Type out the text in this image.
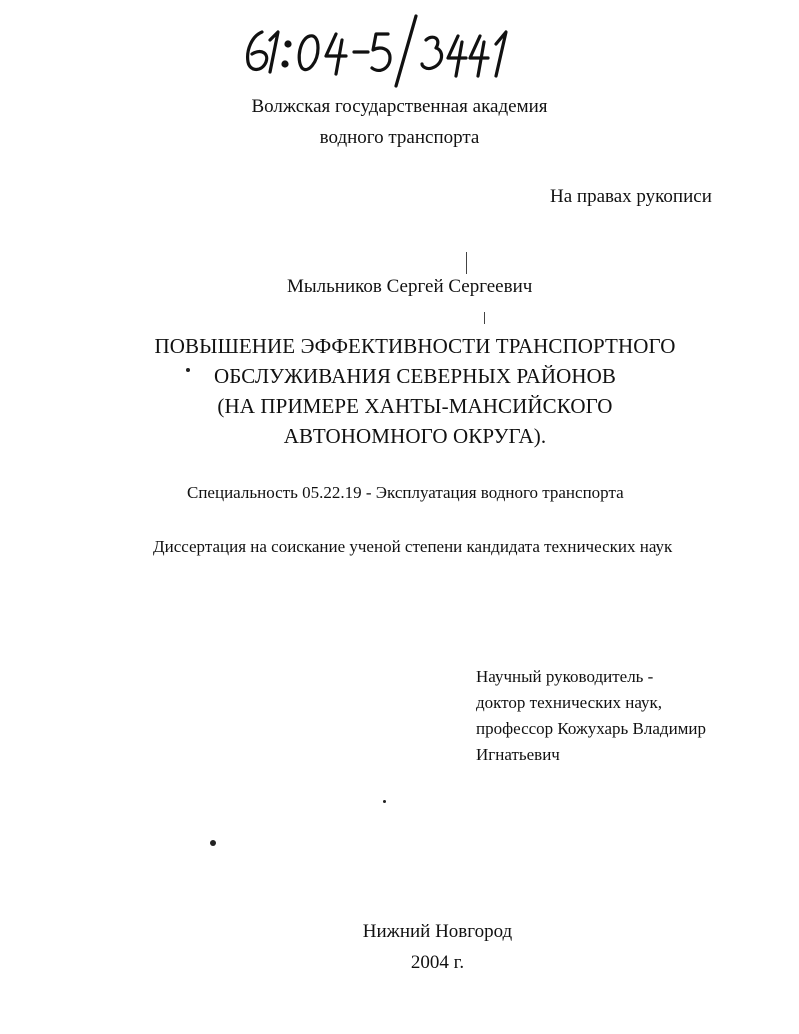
Волжская государственная академия
водного транспорта
На правах рукописи
Мыльников Сергей Сергеевич
ПОВЫШЕНИЕ ЭФФЕКТИВНОСТИ ТРАНСПОРТНОГО
ОБСЛУЖИВАНИЯ СЕВЕРНЫХ РАЙОНОВ
(НА ПРИМЕРЕ ХАНТЫ-МАНСИЙСКОГО
АВТОНОМНОГО ОКРУГА).
Специальность 05.22.19 - Эксплуатация водного транспорта
Диссертация на соискание ученой степени кандидата технических наук
Научный руководитель -
доктор технических наук,
профессор Кожухарь Владимир
Игнатьевич
Нижний Новгород
2004 г.
